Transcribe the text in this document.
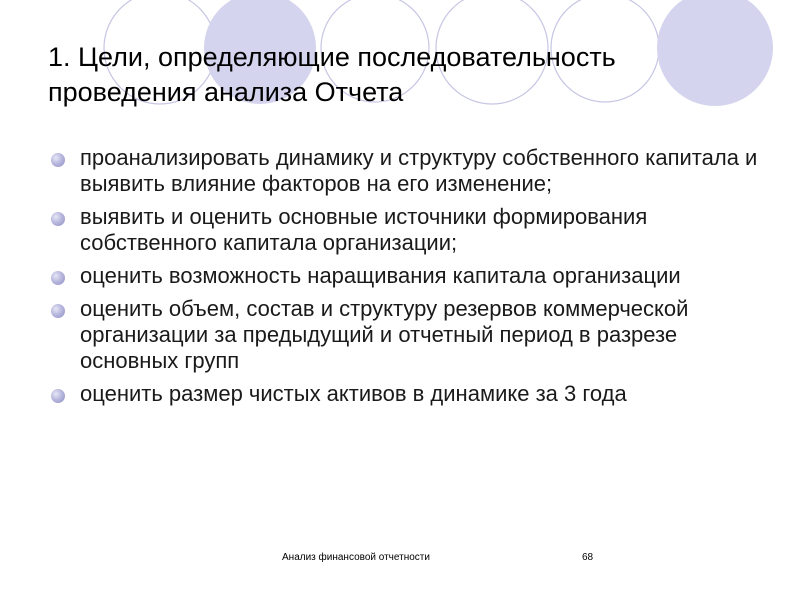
1. Цели, определяющие последовательность проведения анализа Отчета
проанализировать динамику и структуру собственного капитала и выявить влияние факторов на его изменение;
выявить и оценить основные источники формирования собственного капитала организации;
оценить возможность наращивания капитала организации
оценить объем, состав и структуру резервов коммерческой организации за предыдущий и отчетный период в разрезе основных групп
оценить размер чистых активов в динамике за 3 года
Анализ финансовой отчетности	68
